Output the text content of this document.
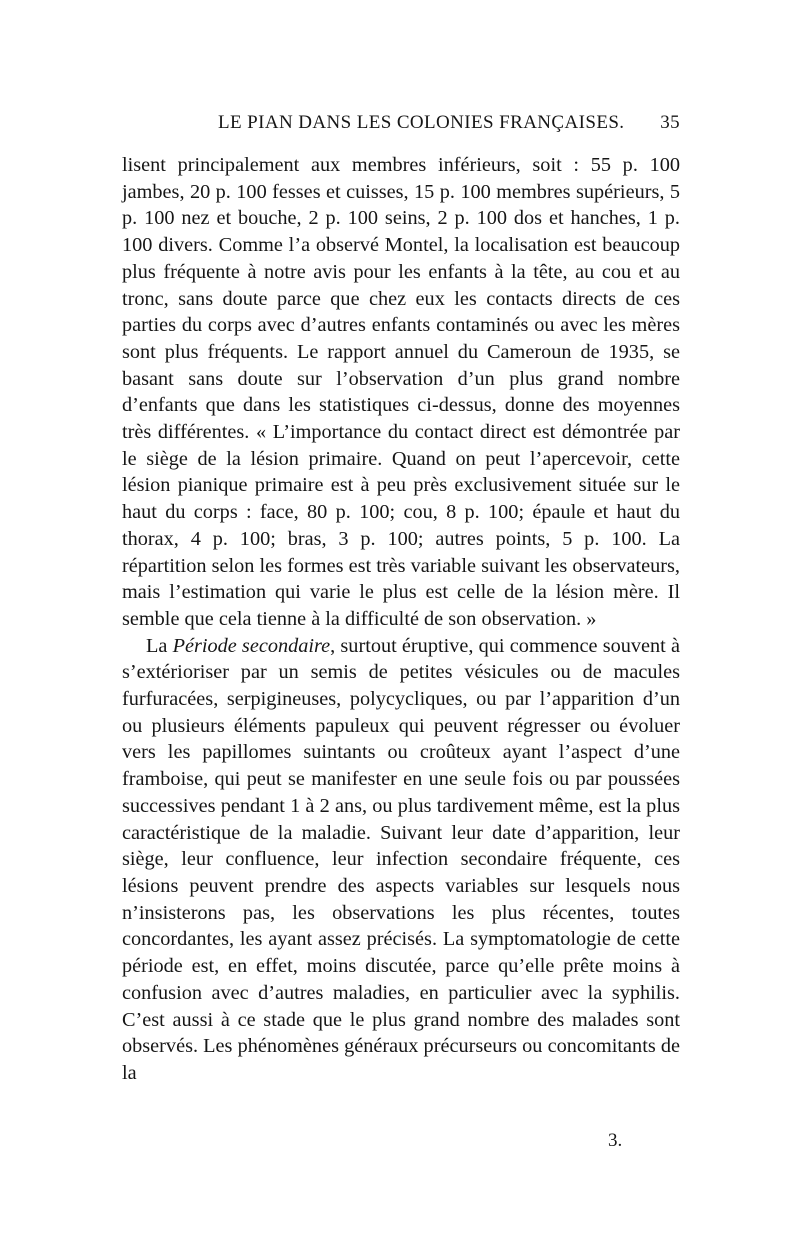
LE PIAN DANS LES COLONIES FRANÇAISES. 35

lisent principalement aux membres inférieurs, soit : 55 p. 100 jambes, 20 p. 100 fesses et cuisses, 15 p. 100 membres supérieurs, 5 p. 100 nez et bouche, 2 p. 100 seins, 2 p. 100 dos et hanches, 1 p. 100 divers. Comme l’a observé Montel, la localisation est beaucoup plus fréquente à notre avis pour les enfants à la tête, au cou et au tronc, sans doute parce que chez eux les contacts directs de ces parties du corps avec d’autres enfants contaminés ou avec les mères sont plus fréquents. Le rapport annuel du Cameroun de 1935, se basant sans doute sur l’observation d’un plus grand nombre d’enfants que dans les statistiques ci-dessus, donne des moyennes très différentes. « L’importance du contact direct est démontrée par le siège de la lésion primaire. Quand on peut l’apercevoir, cette lésion pianique primaire est à peu près exclusivement située sur le haut du corps : face, 80 p. 100; cou, 8 p. 100; épaule et haut du thorax, 4 p. 100; bras, 3 p. 100; autres points, 5 p. 100. La répartition selon les formes est très variable suivant les observateurs, mais l’estimation qui varie le plus est celle de la lésion mère. Il semble que cela tienne à la difficulté de son observation. »

La Période secondaire, surtout éruptive, qui commence souvent à s’extérioriser par un semis de petites vésicules ou de macules furfuracées, serpigineuses, polycycliques, ou par l’apparition d’un ou plusieurs éléments papuleux qui peuvent régresser ou évoluer vers les papillomes suintants ou croûteux ayant l’aspect d’une framboise, qui peut se manifester en une seule fois ou par poussées successives pendant 1 à 2 ans, ou plus tardivement même, est la plus caractéristique de la maladie. Suivant leur date d’apparition, leur siège, leur confluence, leur infection secondaire fréquente, ces lésions peuvent prendre des aspects variables sur lesquels nous n’insisterons pas, les observations les plus récentes, toutes concordantes, les ayant assez précisés. La symptomatologie de cette période est, en effet, moins discutée, parce qu’elle prête moins à confusion avec d’autres maladies, en particulier avec la syphilis. C’est aussi à ce stade que le plus grand nombre des malades sont observés. Les phénomènes généraux précurseurs ou concomitants de la

3.
